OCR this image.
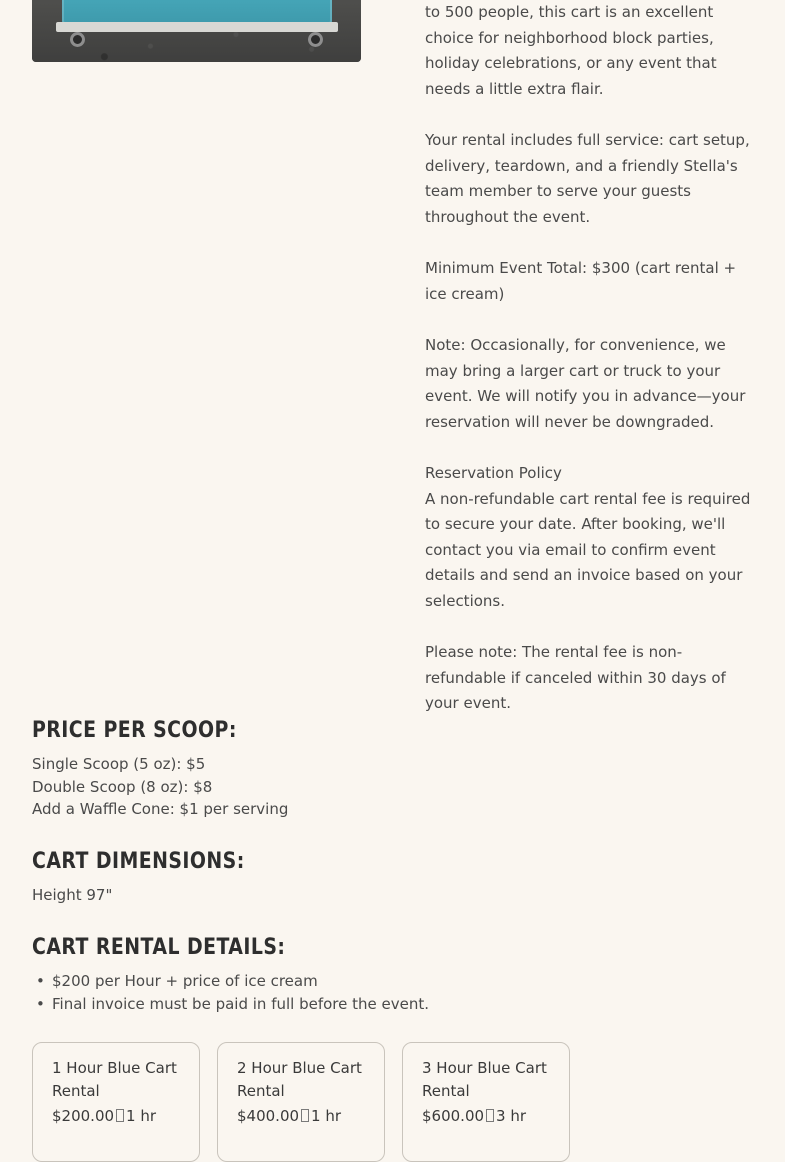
to 500 people, this cart is an excellent choice for neighborhood block parties, holiday celebrations, or any event that needs a little extra flair.

Your rental includes full service: cart setup, delivery, teardown, and a friendly Stella's team member to serve your guests throughout the event.

Minimum Event Total: $300 (cart rental + ice cream)

Note: Occasionally, for convenience, we may bring a larger cart or truck to your event. We will notify you in advance—your reservation will never be downgraded.

Reservation Policy

A non-refundable cart rental fee is required to secure your date. After booking, we'll contact you via email to confirm event details and send an invoice based on your selections.

Please note: The rental fee is non-refundable if canceled within 30 days of your event.

PRICE PER SCOOP:
Single Scoop (5 oz): $5
Double Scoop (8 oz): $8
Add a Waffle Cone: $1 per serving
CART DIMENSIONS:
Height 97"
CART RENTAL DETAILS:
• $200 per Hour + price of ice cream
• Final invoice must be paid in full before the event.
1 Hour Blue Cart Rental
$200.00 1 hr
2 Hour Blue Cart Rental
$400.00 1 hr
3 Hour Blue Cart Rental
$600.00 3 hr
